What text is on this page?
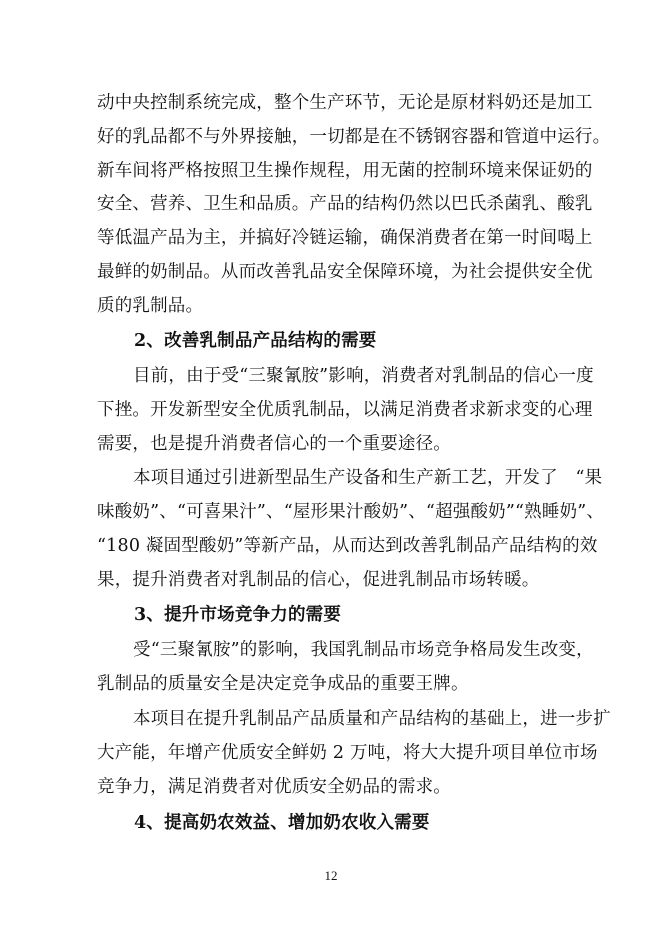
动中央控制系统完成，整个生产环节，无论是原材料奶还是加工
好的乳品都不与外界接触，一切都是在不锈钢容器和管道中运行。
新车间将严格按照卫生操作规程，用无菌的控制环境来保证奶的
安全、营养、卫生和品质。产品的结构仍然以巴氏杀菌乳、酸乳
等低温产品为主，并搞好冷链运输，确保消费者在第一时间喝上
最鲜的奶制品。从而改善乳品安全保障环境，为社会提供安全优
质的乳制品。
2、改善乳制品产品结构的需要
目前，由于受“三聚氰胺”影响，消费者对乳制品的信心一度
下挫。开发新型安全优质乳制品，以满足消费者求新求变的心理
需要，也是提升消费者信心的一个重要途径。
本项目通过引进新型品生产设备和生产新工艺，开发了　“果
味酸奶”、“可喜果汁”、“屋形果汁酸奶”、“超强酸奶”“熟睡奶”、
“180 凝固型酸奶”等新产品，从而达到改善乳制品产品结构的效
果，提升消费者对乳制品的信心，促进乳制品市场转暖。
3、提升市场竞争力的需要
受“三聚氰胺”的影响，我国乳制品市场竞争格局发生改变，
乳制品的质量安全是决定竞争成品的重要王牌。
本项目在提升乳制品产品质量和产品结构的基础上，进一步扩
大产能，年增产优质安全鲜奶 2 万吨，将大大提升项目单位市场
竞争力，满足消费者对优质安全奶品的需求。
4、提高奶农效益、增加奶农收入需要
12
